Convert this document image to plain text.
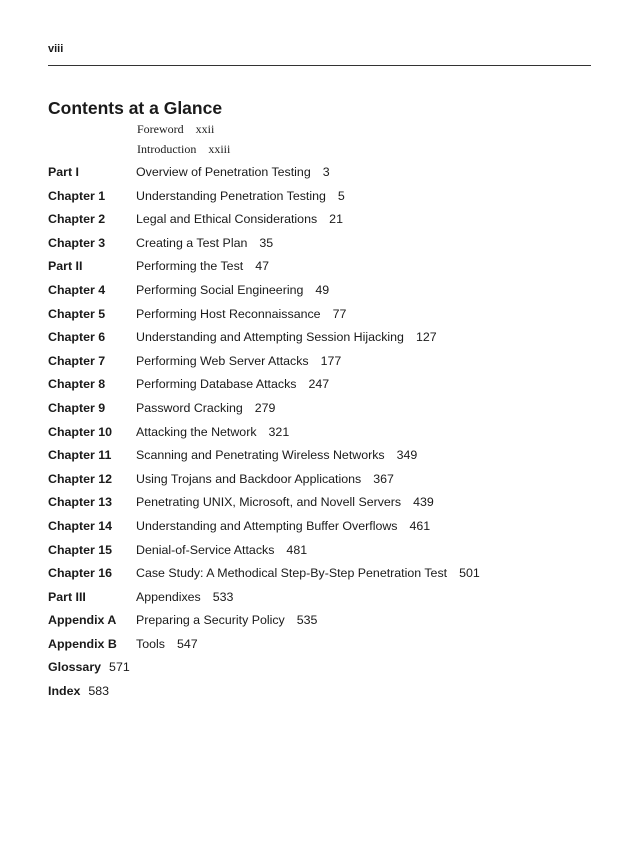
viii
Contents at a Glance
Foreword xxii
Introduction xxiii
Part I	Overview of Penetration Testing 3
Chapter 1 Understanding Penetration Testing 5
Chapter 2 Legal and Ethical Considerations 21
Chapter 3 Creating a Test Plan 35
Part II	Performing the Test 47
Chapter 4 Performing Social Engineering 49
Chapter 5 Performing Host Reconnaissance 77
Chapter 6 Understanding and Attempting Session Hijacking 127
Chapter 7 Performing Web Server Attacks 177
Chapter 8 Performing Database Attacks 247
Chapter 9 Password Cracking 279
Chapter 10 Attacking the Network 321
Chapter 11 Scanning and Penetrating Wireless Networks 349
Chapter 12 Using Trojans and Backdoor Applications 367
Chapter 13 Penetrating UNIX, Microsoft, and Novell Servers 439
Chapter 14 Understanding and Attempting Buffer Overflows 461
Chapter 15 Denial-of-Service Attacks 481
Chapter 16 Case Study: A Methodical Step-By-Step Penetration Test 501
Part III	Appendixes 533
Appendix A Preparing a Security Policy 535
Appendix B Tools 547
Glossary 571
Index 583
